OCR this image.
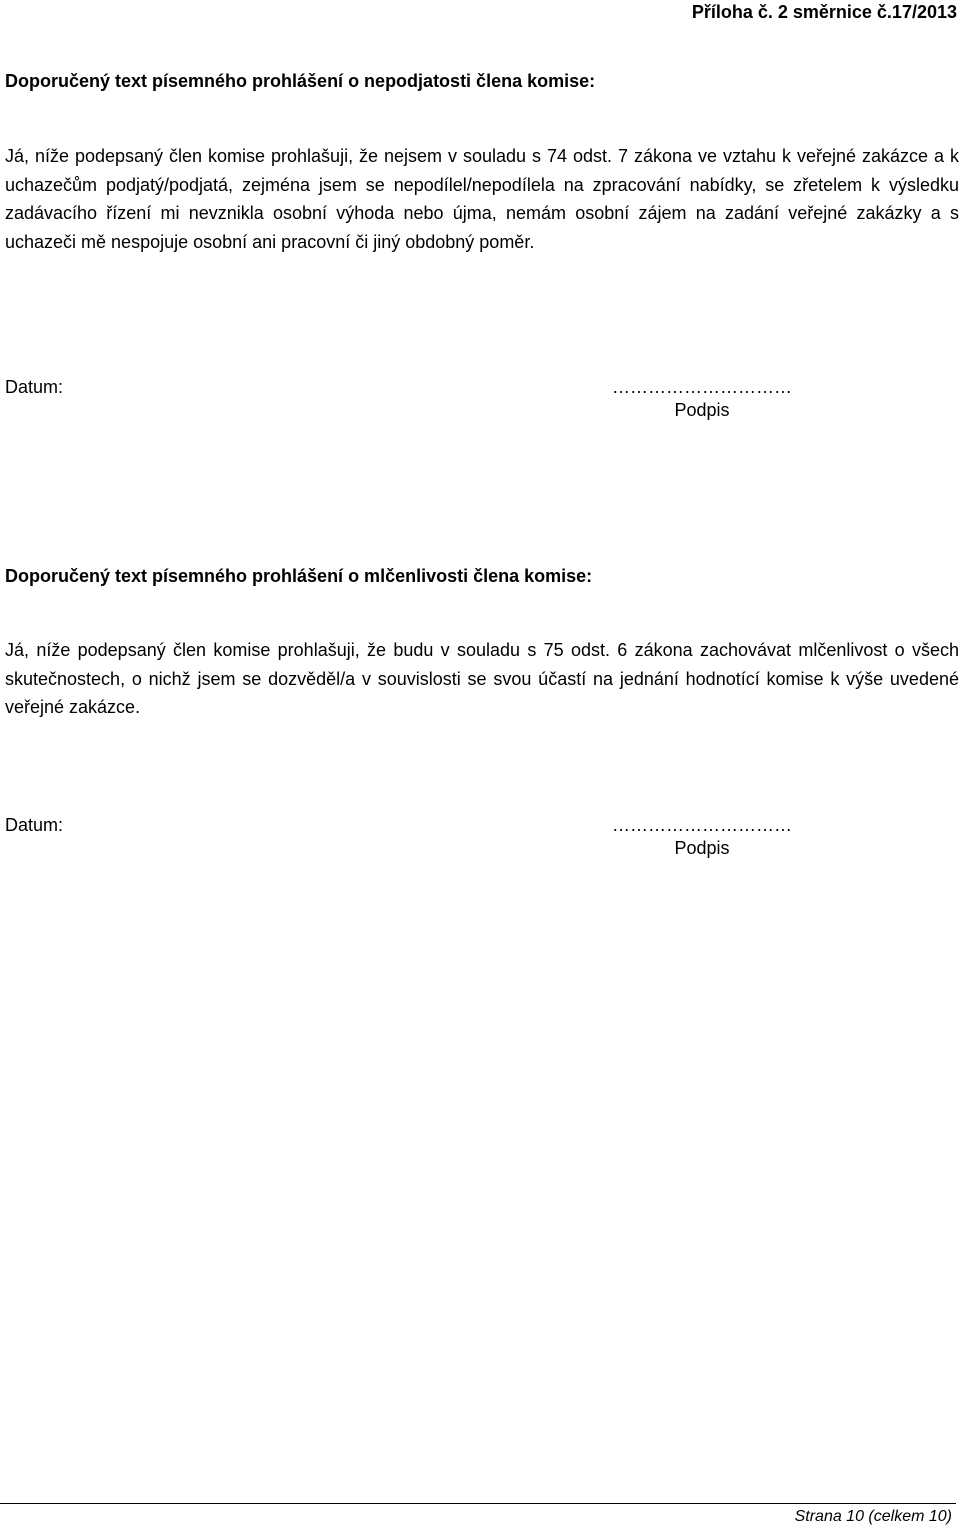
Příloha č. 2 směrnice č.17/2013
Doporučený text písemného prohlášení o nepodjatosti člena komise:
Já, níže podepsaný člen komise prohlašuji, že nejsem v souladu s 74 odst. 7 zákona ve vztahu k veřejné zakázce a k uchazečům podjatý/podjatá, zejména jsem se nepodílel/nepodílela na zpracování nabídky, se zřetelem k výsledku zadávacího řízení mi nevznikla osobní výhoda nebo újma, nemám osobní zájem na zadání veřejné zakázky a s uchazeči mě nespojuje osobní ani pracovní či jiný obdobný poměr.
Datum:	…………………………
Podpis
Doporučený text písemného prohlášení o mlčenlivosti člena komise:
Já, níže podepsaný člen komise prohlašuji, že budu v souladu s 75 odst. 6 zákona zachovávat mlčenlivost o všech skutečnostech, o nichž jsem se dozvěděl/a v souvislosti se svou účastí na jednání hodnotící komise k výše uvedené veřejné zakázce.
Datum:	…………………………
Podpis
Strana 10 (celkem 10)
